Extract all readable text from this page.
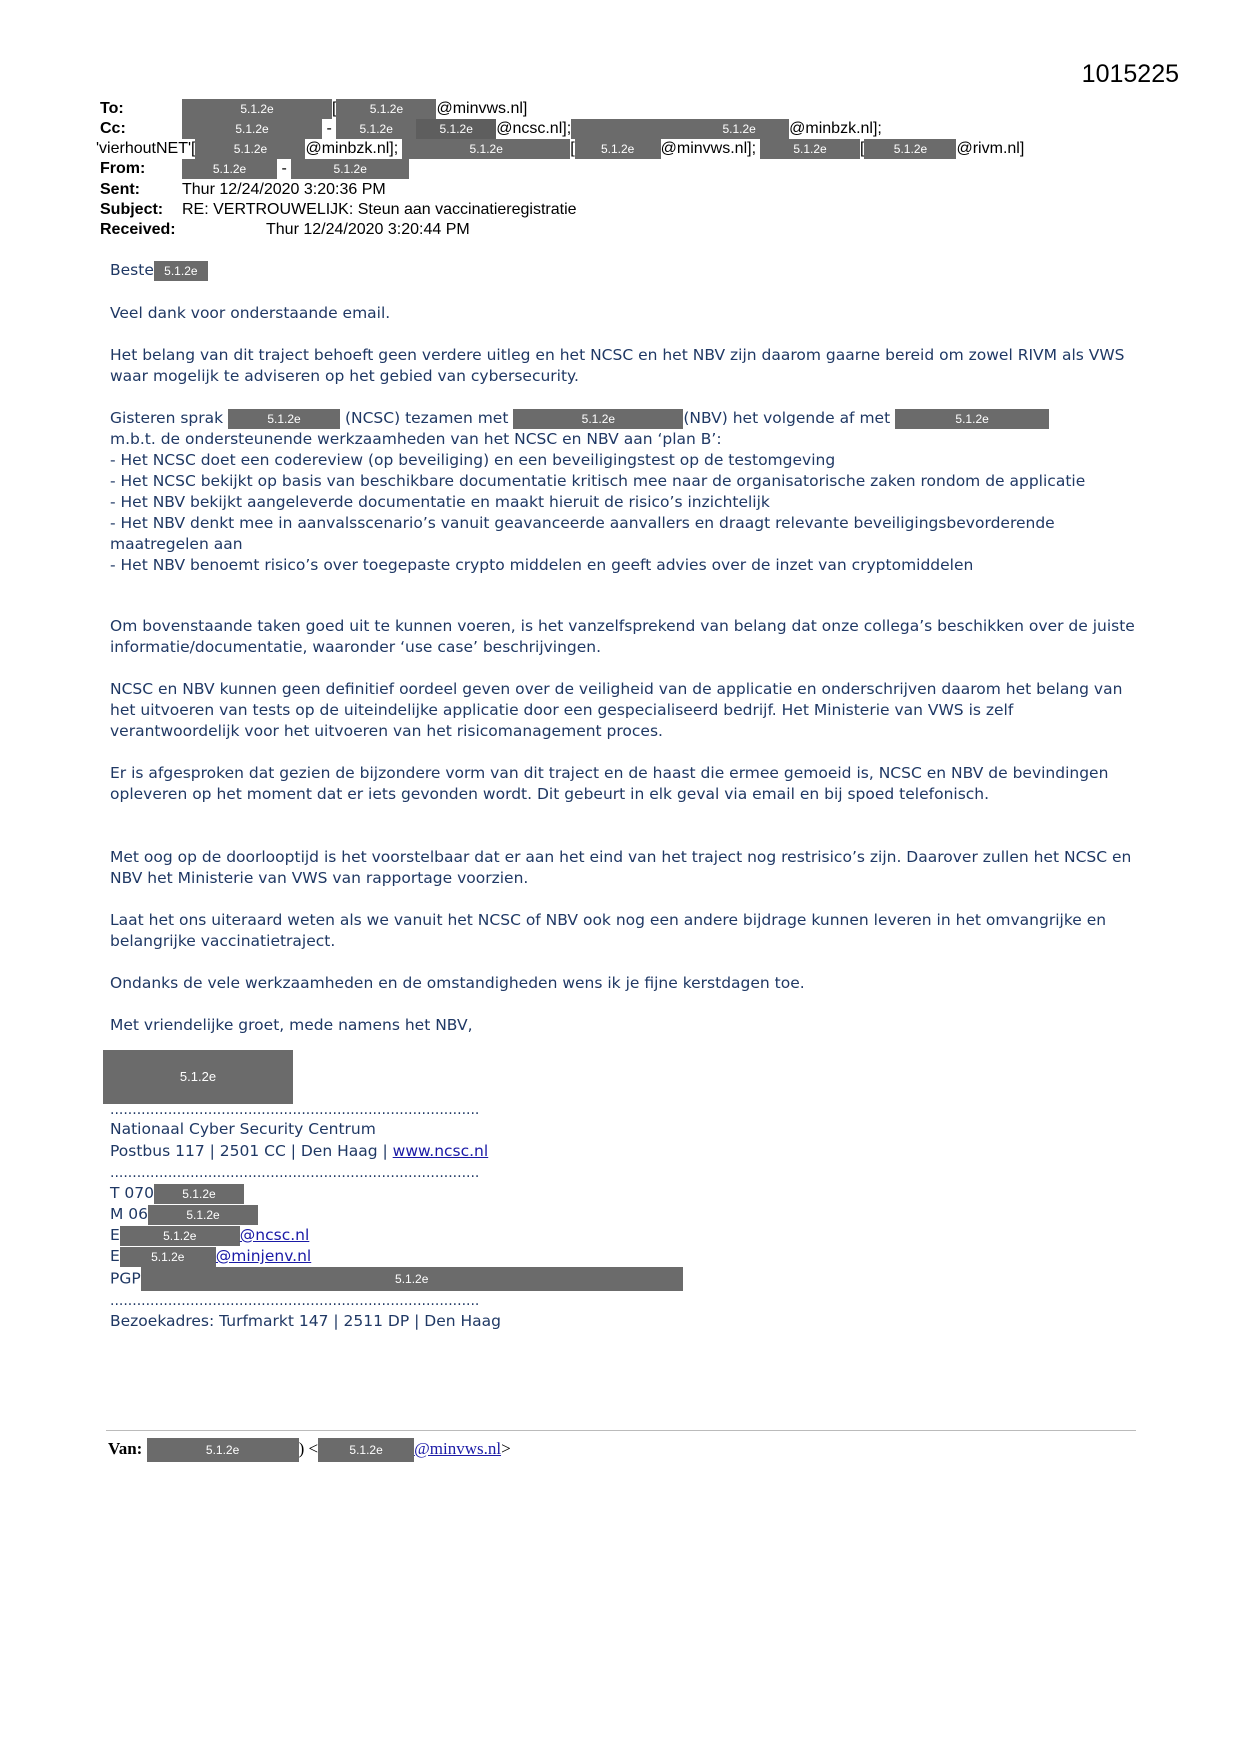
1015225
To:	5.1.2e	[	5.1.2e @minvws.nl]
Cc:	5.1.2e	- 5.1.2e	5.1.2e @ncsc.nl];	5.1.2e @minbzk.nl];
'vierhoutNET'[	5.1.2e @minbzk.nl];	5.1.2e	[ 5.1.2e @minvws.nl];	5.1.2e [ 5.1.2e @rivm.nl]
From:	5.1.2e -	5.1.2e
Sent:	Thur 12/24/2020 3:20:36 PM
Subject: RE: VERTROUWELIJK: Steun aan vaccinatieregistratie
Received:	Thur 12/24/2020 3:20:44 PM
Beste 5.1.2e

Veel dank voor onderstaande email.

Het belang van dit traject behoeft geen verdere uitleg en het NCSC en het NBV zijn daarom gaarne bereid om zowel RIVM als VWS waar mogelijk te adviseren op het gebied van cybersecurity.

Gisteren sprak	5.1.2e	(NCSC) tezamen met	5.1.2e	(NBV) het volgende af met	5.1.2e
m.b.t. de ondersteunende werkzaamheden van het NCSC en NBV aan ‘plan B’:

- Het NCSC doet een codereview (op beveiliging) en een beveiligingstest op de testomgeving

- Het NCSC bekijkt op basis van beschikbare documentatie kritisch mee naar de organisatorische zaken rondom de applicatie

- Het NBV bekijkt aangeleverde documentatie en maakt hieruit de risico’s inzichtelijk

- Het NBV denkt mee in aanvalsscenario’s vanuit geavanceerde aanvallers en draagt relevante beveiligingsbevorderende maatregelen aan

- Het NBV benoemt risico’s over toegepaste crypto middelen en geeft advies over de inzet van cryptomiddelen

Om bovenstaande taken goed uit te kunnen voeren, is het vanzelfsprekend van belang dat onze collega’s beschikken over de juiste informatie/documentatie, waaronder ‘use case’ beschrijvingen.

NCSC en NBV kunnen geen definitief oordeel geven over de veiligheid van de applicatie en onderschrijven daarom het belang van het uitvoeren van tests op de uiteindelijke applicatie door een gespecialiseerd bedrijf. Het Ministerie van VWS is zelf verantwoordelijk voor het uitvoeren van het risicomanagement proces.

Er is afgesproken dat gezien de bijzondere vorm van dit traject en de haast die ermee gemoeid is, NCSC en NBV de bevindingen opleveren op het moment dat er iets gevonden wordt. Dit gebeurt in elk geval via email en bij spoed telefonisch.

Met oog op de doorlooptijd is het voorstelbaar dat er aan het eind van het traject nog restrisico’s zijn. Daarover zullen het NCSC en NBV het Ministerie van VWS van rapportage voorzien.

Laat het ons uiteraard weten als we vanuit het NCSC of NBV ook nog een andere bijdrage kunnen leveren in het omvangrijke en belangrijke vaccinatietraject.

Ondanks de vele werkzaamheden en de omstandigheden wens ik je fijne kerstdagen toe.

Met vriendelijke groet, mede namens het NBV,

5.1.2e
...................................................................................

Nationaal Cyber Security Centrum

Postbus 117 | 2501 CC | Den Haag | www.ncsc.nl
...................................................................................
T 070 5.1.2e
M 06	5.1.2e
E	5.1.2e	@ncsc.nl
E	5.1.2e @minjenv.nl
PGP	5.1.2e
...................................................................................

Bezoekadres: Turfmarkt 147 | 2511 DP | Den Haag

Van:	5.1.2e	) <	5.1.2e @minvws.nl>
